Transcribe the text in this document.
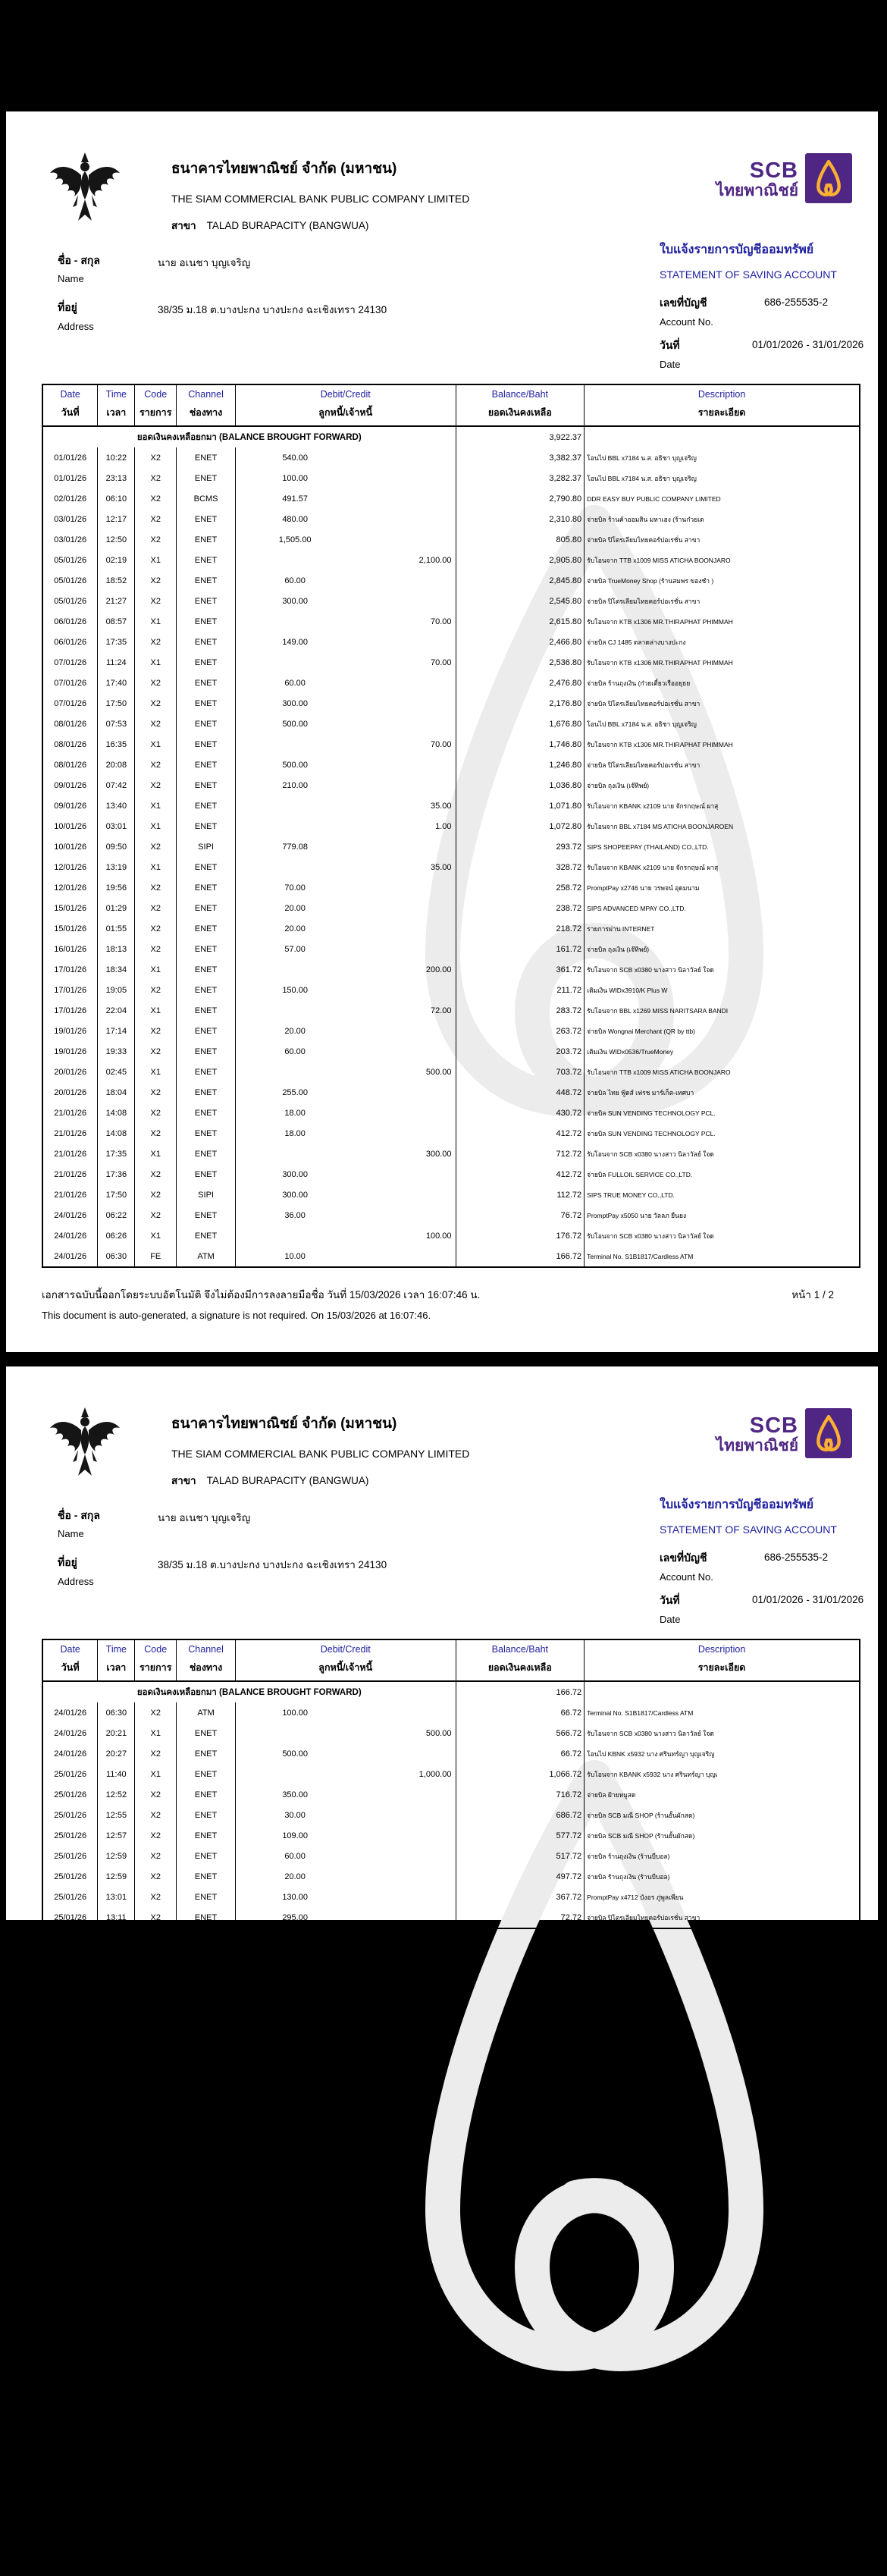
ธนาคารไทยพาณิชย์ จำกัด (มหาชน)
THE SIAM COMMERCIAL BANK PUBLIC COMPANY LIMITED
สาขา TALAD BURAPACITY (BANGWUA)
SCB
ไทยพาณิชย์
ใบแจ้งรายการบัญชีออมทรัพย์
STATEMENT OF SAVING ACCOUNT
ชื่อ - สกุล
Name
นาย อเนชา บุญเจริญ
ที่อยู่
Address
38/35 ม.18 ต.บางปะกง บางปะกง ฉะเชิงเทรา 24130
เลขที่บัญชี
Account No.
686-255535-2
วันที่
Date
01/01/2026 - 31/01/2026
Date
วันที่

Time
เวลา

Code
รายการ

Channel
ช่องทาง

Debit/Credit
ลูกหนี้/เจ้าหนี้

Balance/Baht
ยอดเงินคงเหลือ

Description
รายละเอียด

ยอดเงินคงเหลือยกมา (BALANCE BROUGHT FORWARD)					3,922.37	
01/01/26	10:22	X2	ENET	540.00	3,382.37	โอนไป BBL x7184 น.ส. อธิชา บุญเจริญ
01/01/26	23:13	X2	ENET	100.00	3,282.37	โอนไป BBL x7184 น.ส. อธิชา บุญเจริญ
02/01/26	06:10	X2	BCMS	491.57	2,790.80	DDR EASY BUY PUBLIC COMPANY LIMITED
03/01/26	12:17	X2	ENET	480.00	2,310.80	จ่ายบิล ร้านค้าออมสิน มหาเฮง (ร้านก๋วยเต
03/01/26	12:50	X2	ENET	1,505.00	805.80	จ่ายบิล ปิโตรเลียมไทยคอร์ปอเรชั่น สาขา
05/01/26	02:19	X1	ENET	2,100.00	2,905.80	รับโอนจาก TTB x1009 MISS ATICHA BOONJARO
05/01/26	18:52	X2	ENET	60.00	2,845.80	จ่ายบิล TrueMoney Shop (ร้านสมพร ของชำ )
05/01/26	21:27	X2	ENET	300.00	2,545.80	จ่ายบิล ปิโตรเลียมไทยคอร์ปอเรชั่น สาขา
06/01/26	08:57	X1	ENET	70.00	2,615.80	รับโอนจาก KTB x1306 MR.THIRAPHAT PHIMMAH
06/01/26	17:35	X2	ENET	149.00	2,466.80	จ่ายบิล CJ 1485 ตลาดล่างบางปะกง
07/01/26	11:24	X1	ENET	70.00	2,536.80	รับโอนจาก KTB x1306 MR.THIRAPHAT PHIMMAH
07/01/26	17:40	X2	ENET	60.00	2,476.80	จ่ายบิล ร้านถุงเงิน (ก๋วยเตี๋ยวเรืออยุธย
07/01/26	17:50	X2	ENET	300.00	2,176.80	จ่ายบิล ปิโตรเลียมไทยคอร์ปอเรชั่น สาขา
08/01/26	07:53	X2	ENET	500.00	1,676.80	โอนไป BBL x7184 น.ส. อธิชา บุญเจริญ
08/01/26	16:35	X1	ENET	70.00	1,746.80	รับโอนจาก KTB x1306 MR.THIRAPHAT PHIMMAH
08/01/26	20:08	X2	ENET	500.00	1,246.80	จ่ายบิล ปิโตรเลียมไทยคอร์ปอเรชั่น สาขา
09/01/26	07:42	X2	ENET	210.00	1,036.80	จ่ายบิล ถุงเงิน (เจ๊ทิพย์)
09/01/26	13:40	X1	ENET	35.00	1,071.80	รับโอนจาก KBANK x2109 นาย จักรกฤษณ์ ผาสุ
10/01/26	03:01	X1	ENET	1.00	1,072.80	รับโอนจาก BBL x7184 MS ATICHA BOONJAROEN
10/01/26	09:50	X2	SIPI	779.08	293.72	SIPS SHOPEEPAY (THAILAND) CO.,LTD.
12/01/26	13:19	X1	ENET	35.00	328.72	รับโอนจาก KBANK x2109 นาย จักรกฤษณ์ ผาสุ
12/01/26	19:56	X2	ENET	70.00	258.72	PromptPay x2746 นาย วรพจน์ อุดมนาม
15/01/26	01:29	X2	ENET	20.00	238.72	SIPS ADVANCED MPAY CO.,LTD.
15/01/26	01:55	X2	ENET	20.00	218.72	รายการผ่าน INTERNET
16/01/26	18:13	X2	ENET	57.00	161.72	จ่ายบิล ถุงเงิน (เจ๊ทิพย์)
17/01/26	18:34	X1	ENET	200.00	361.72	รับโอนจาก SCB x0380 นางสาว นิลาวัลย์ ใจด
17/01/26	19:05	X2	ENET	150.00	211.72	เติมเงิน WIDx3910/K Plus W
17/01/26	22:04	X1	ENET	72.00	283.72	รับโอนจาก BBL x1269 MISS NARITSARA BANDI
19/01/26	17:14	X2	ENET	20.00	263.72	จ่ายบิล Wongnai Merchant (QR by ttb)
19/01/26	19:33	X2	ENET	60.00	203.72	เติมเงิน WIDx0536/TrueMoney
20/01/26	02:45	X1	ENET	500.00	703.72	รับโอนจาก TTB x1009 MISS ATICHA BOONJARO
20/01/26	18:04	X2	ENET	255.00	448.72	จ่ายบิล ไทย ฟู้ดส์ เฟรช มาร์เก็ต-เทศบา
21/01/26	14:08	X2	ENET	18.00	430.72	จ่ายบิล SUN VENDING TECHNOLOGY PCL.
21/01/26	14:08	X2	ENET	18.00	412.72	จ่ายบิล SUN VENDING TECHNOLOGY PCL.
21/01/26	17:35	X1	ENET	300.00	712.72	รับโอนจาก SCB x0380 นางสาว นิลาวัลย์ ใจด
21/01/26	17:36	X2	ENET	300.00	412.72	จ่ายบิล FULLOIL SERVICE CO.,LTD.
21/01/26	17:50	X2	SIPI	300.00	112.72	SIPS TRUE MONEY CO.,LTD.
24/01/26	06:22	X2	ENET	36.00	76.72	PromptPay x5050 นาย วัลลภ ยืนยง
24/01/26	06:26	X1	ENET	100.00	176.72	รับโอนจาก SCB x0380 นางสาว นิลาวัลย์ ใจด
24/01/26	06:30	FE	ATM	10.00	166.72	Terminal No. S1B1817/Cardless ATM
เอกสารฉบับนี้ออกโดยระบบอัตโนมัติ จึงไม่ต้องมีการลงลายมือชื่อ วันที่ 15/03/2026 เวลา 16:07:46 น.	หน้า 1 / 2
This document is auto-generated, a signature is not required. On 15/03/2026 at 16:07:46.
ธนาคารไทยพาณิชย์ จำกัด (มหาชน)
THE SIAM COMMERCIAL BANK PUBLIC COMPANY LIMITED
สาขา TALAD BURAPACITY (BANGWUA)
SCB
ไทยพาณิชย์
ใบแจ้งรายการบัญชีออมทรัพย์
STATEMENT OF SAVING ACCOUNT
ชื่อ - สกุล
Name
นาย อเนชา บุญเจริญ
ที่อยู่
Address
38/35 ม.18 ต.บางปะกง บางปะกง ฉะเชิงเทรา 24130
เลขที่บัญชี
Account No.
686-255535-2
วันที่
Date
01/01/2026 - 31/01/2026
Date
วันที่

Time
เวลา

Code
รายการ

Channel
ช่องทาง

Debit/Credit
ลูกหนี้/เจ้าหนี้

Balance/Baht
ยอดเงินคงเหลือ

Description
รายละเอียด

ยอดเงินคงเหลือยกมา (BALANCE BROUGHT FORWARD)					166.72	
24/01/26	06:30	X2	ATM	100.00	66.72	Terminal No. S1B1817/Cardless ATM
24/01/26	20:21	X1	ENET	500.00	566.72	รับโอนจาก SCB x0380 นางสาว นิลาวัลย์ ใจด
24/01/26	20:27	X2	ENET	500.00	66.72	โอนไป KBNK x5932 นาง ศรินทร์ญา บุญเจริญ
25/01/26	11:40	X1	ENET	1,000.00	1,066.72	รับโอนจาก KBANK x5932 นาง ศรินทร์ญา บุญเ
25/01/26	12:52	X2	ENET	350.00	716.72	จ่ายบิล ฝ้ายหมูสด
25/01/26	12:55	X2	ENET	30.00	686.72	จ่ายบิล SCB มณี SHOP (ร้านยั้นผักสด)
25/01/26	12:57	X2	ENET	109.00	577.72	จ่ายบิล SCB มณี SHOP (ร้านยั้นผักสด)
25/01/26	12:59	X2	ENET	60.00	517.72	จ่ายบิล ร้านถุงเงิน (ร้านบีบอล)
25/01/26	12:59	X2	ENET	20.00	497.72	จ่ายบิล ร้านถุงเงิน (ร้านบีบอล)
25/01/26	13:01	X2	ENET	130.00	367.72	PromptPay x4712 บังอร ภู่พูลเพียน
25/01/26	13:11	X2	ENET	295.00	72.72	จ่ายบิล ปิโตรเลียมไทยคอร์ปอเรชั่น สาขา
เอกสารฉบับนี้ออกโดยระบบอัตโนมัติ จึงไม่ต้องมีการลงลายมือชื่อ วันที่ 15/03/2026 เวลา 16:07:46 น.	หน้า 1 / 2
This document is auto-generated, a signature is not required. On 15/03/2026 at 16:07:46.
